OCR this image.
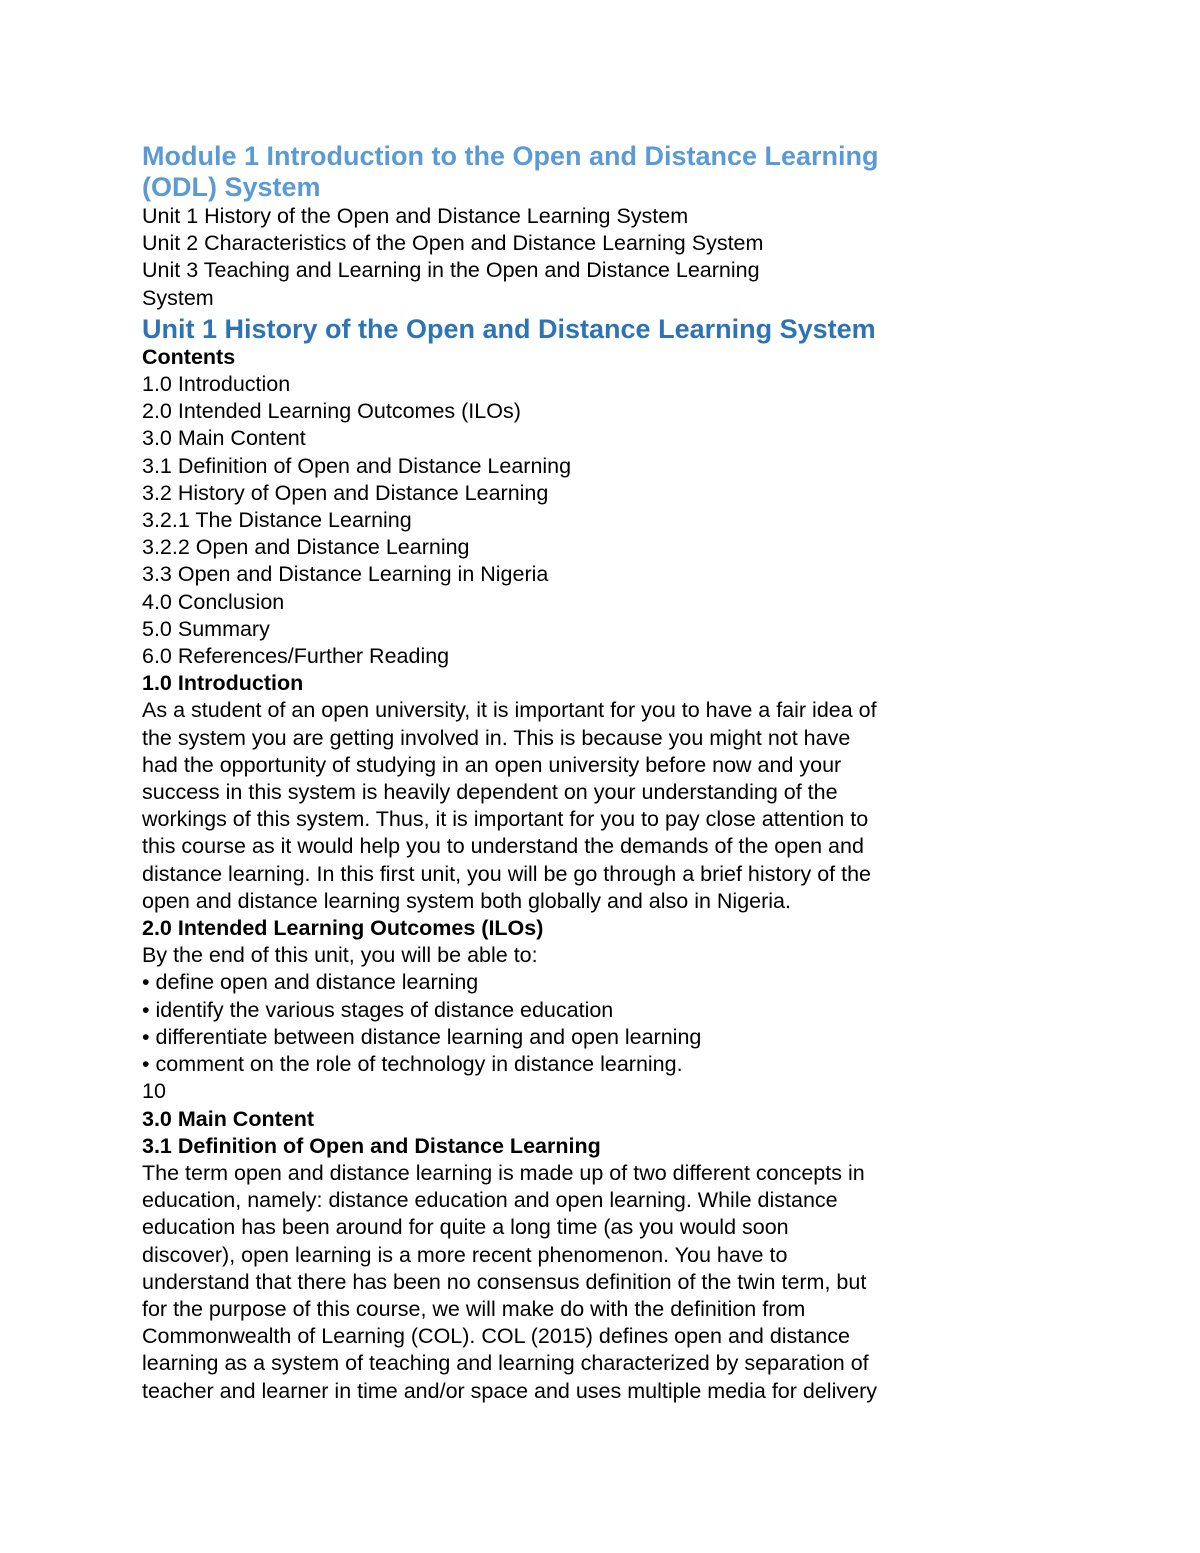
Module 1 Introduction to the Open and Distance Learning

(ODL) System

Unit 1 History of the Open and Distance Learning System

Unit 2 Characteristics of the Open and Distance Learning System

Unit 3 Teaching and Learning in the Open and Distance Learning

System

Unit 1 History of the Open and Distance Learning System

Contents

1.0 Introduction

2.0 Intended Learning Outcomes (ILOs)

3.0 Main Content

3.1 Definition of Open and Distance Learning

3.2 History of Open and Distance Learning

3.2.1 The Distance Learning

3.2.2 Open and Distance Learning

3.3 Open and Distance Learning in Nigeria

4.0 Conclusion

5.0 Summary

6.0 References/Further Reading

1.0 Introduction

As a student of an open university, it is important for you to have a fair idea of

the system you are getting involved in. This is because you might not have

had the opportunity of studying in an open university before now and your

success in this system is heavily dependent on your understanding of the

workings of this system. Thus, it is important for you to pay close attention to

this course as it would help you to understand the demands of the open and

distance learning. In this first unit, you will be go through a brief history of the

open and distance learning system both globally and also in Nigeria.

2.0 Intended Learning Outcomes (ILOs)

By the end of this unit, you will be able to:

• define open and distance learning

• identify the various stages of distance education

• differentiate between distance learning and open learning

• comment on the role of technology in distance learning.

10

3.0 Main Content

3.1 Definition of Open and Distance Learning

The term open and distance learning is made up of two different concepts in

education, namely: distance education and open learning. While distance

education has been around for quite a long time (as you would soon

discover), open learning is a more recent phenomenon. You have to

understand that there has been no consensus definition of the twin term, but

for the purpose of this course, we will make do with the definition from

Commonwealth of Learning (COL). COL (2015) defines open and distance

learning as a system of teaching and learning characterized by separation of

teacher and learner in time and/or space and uses multiple media for delivery
